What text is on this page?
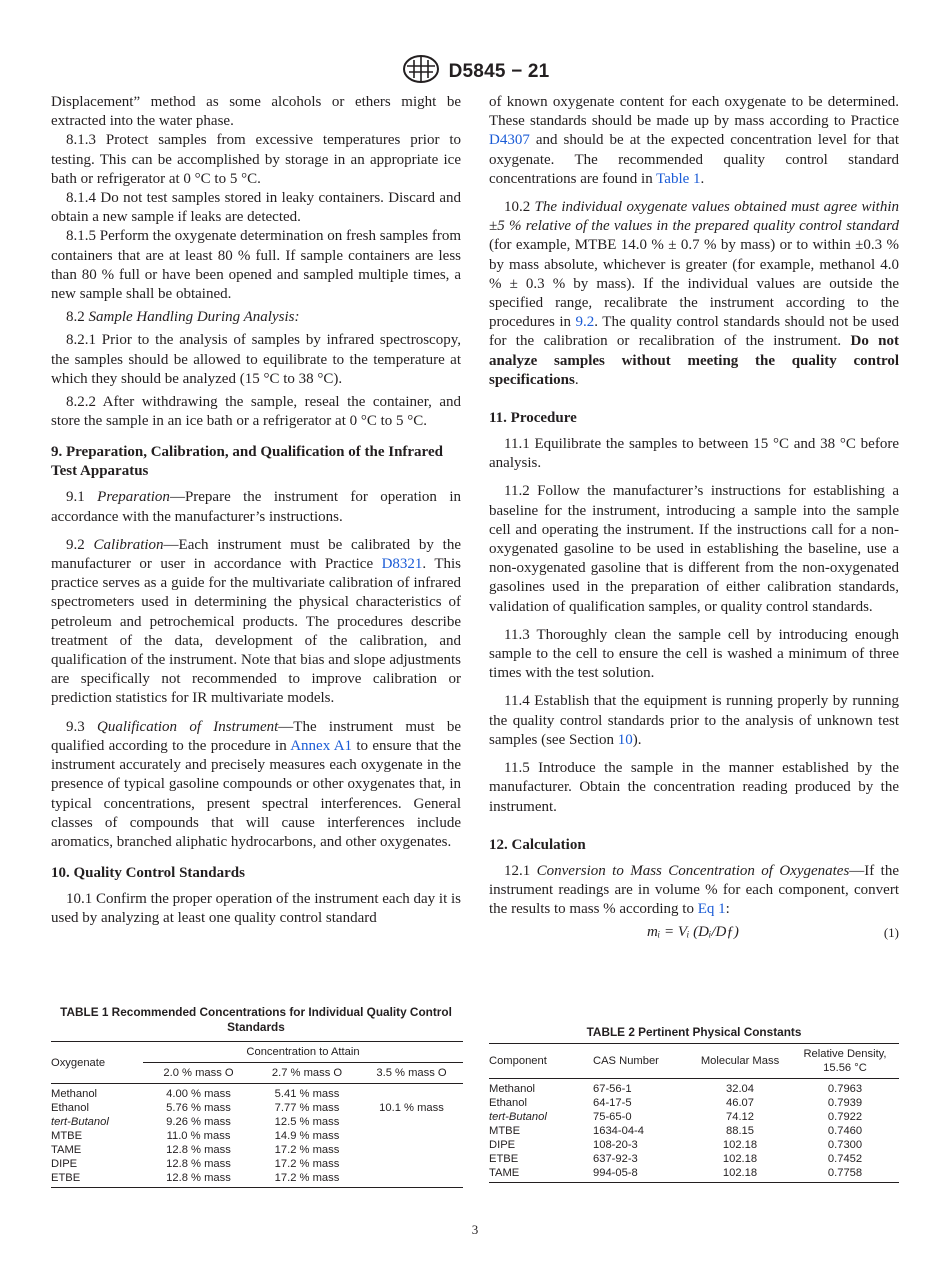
D5845 − 21

Displacement” method as some alcohols or ethers might be extracted into the water phase.

8.1.3 Protect samples from excessive temperatures prior to testing. This can be accomplished by storage in an appropriate ice bath or refrigerator at 0 °C to 5 °C.

8.1.4 Do not test samples stored in leaky containers. Discard and obtain a new sample if leaks are detected.

8.1.5 Perform the oxygenate determination on fresh samples from containers that are at least 80 % full. If sample containers are less than 80 % full or have been opened and sampled multiple times, a new sample shall be obtained.

8.2 Sample Handling During Analysis:

8.2.1 Prior to the analysis of samples by infrared spectroscopy, the samples should be allowed to equilibrate to the temperature at which they should be analyzed (15 °C to 38 °C).

8.2.2 After withdrawing the sample, reseal the container, and store the sample in an ice bath or a refrigerator at 0 °C to 5 °C.

9. Preparation, Calibration, and Qualification of the Infrared Test Apparatus

9.1 Preparation—Prepare the instrument for operation in accordance with the manufacturer’s instructions.

9.2 Calibration—Each instrument must be calibrated by the manufacturer or user in accordance with Practice D8321. This practice serves as a guide for the multivariate calibration of infrared spectrometers used in determining the physical characteristics of petroleum and petrochemical products. The procedures describe treatment of the data, development of the calibration, and qualification of the instrument. Note that bias and slope adjustments are specifically not recommended to improve calibration or prediction statistics for IR multivariate models.

9.3 Qualification of Instrument—The instrument must be qualified according to the procedure in Annex A1 to ensure that the instrument accurately and precisely measures each oxygenate in the presence of typical gasoline compounds or other oxygenates that, in typical concentrations, present spectral interferences. General classes of compounds that will cause interferences include aromatics, branched aliphatic hydrocarbons, and other oxygenates.

10. Quality Control Standards

10.1 Confirm the proper operation of the instrument each day it is used by analyzing at least one quality control standard

of known oxygenate content for each oxygenate to be determined. These standards should be made up by mass according to Practice D4307 and should be at the expected concentration level for that oxygenate. The recommended quality control standard concentrations are found in Table 1.

10.2 The individual oxygenate values obtained must agree within ±5 % relative of the values in the prepared quality control standard (for example, MTBE 14.0 % ± 0.7 % by mass) or to within ±0.3 % by mass absolute, whichever is greater (for example, methanol 4.0 % ± 0.3 % by mass). If the individual values are outside the specified range, recalibrate the instrument according to the procedures in 9.2. The quality control standards should not be used for the calibration or recalibration of the instrument. Do not analyze samples without meeting the quality control specifications.

11. Procedure

11.1 Equilibrate the samples to between 15 °C and 38 °C before analysis.

11.2 Follow the manufacturer’s instructions for establishing a baseline for the instrument, introducing a sample into the sample cell and operating the instrument. If the instructions call for a non-oxygenated gasoline to be used in establishing the baseline, use a non-oxygenated gasoline that is different from the non-oxygenated gasolines used in the preparation of either calibration standards, validation of qualification samples, or quality control standards.

11.3 Thoroughly clean the sample cell by introducing enough sample to the cell to ensure the cell is washed a minimum of three times with the test solution.

11.4 Establish that the equipment is running properly by running the quality control standards prior to the analysis of unknown test samples (see Section 10).

11.5 Introduce the sample in the manner established by the manufacturer. Obtain the concentration reading produced by the instrument.

12. Calculation

12.1 Conversion to Mass Concentration of Oxygenates—If the instrument readings are in volume % for each component, convert the results to mass % according to Eq 1:

mᵢ = Vᵢ (Dᵢ/Dƒ)	(1)
TABLE 1 Recommended Concentrations for Individual Quality Control Standards
Oxygenate	Concentration to Attain		
	2.0 % mass O	2.7 % mass O	3.5 % mass O
Methanol	4.00 % mass	5.41 % mass	
Ethanol	5.76 % mass	7.77 % mass	10.1 % mass
tert-Butanol	9.26 % mass	12.5 % mass	
MTBE	11.0 % mass	14.9 % mass	
TAME	12.8 % mass	17.2 % mass	
DIPE	12.8 % mass	17.2 % mass	
ETBE	12.8 % mass	17.2 % mass	
TABLE 2 Pertinent Physical Constants
Component	CAS Number	Molecular Mass	Relative Density, 15.56 °C
Methanol	67-56-1	32.04	0.7963
Ethanol	64-17-5	46.07	0.7939
tert-Butanol	75-65-0	74.12	0.7922
MTBE	1634-04-4	88.15	0.7460
DIPE	108-20-3	102.18	0.7300
ETBE	637-92-3	102.18	0.7452
TAME	994-05-8	102.18	0.7758
3
